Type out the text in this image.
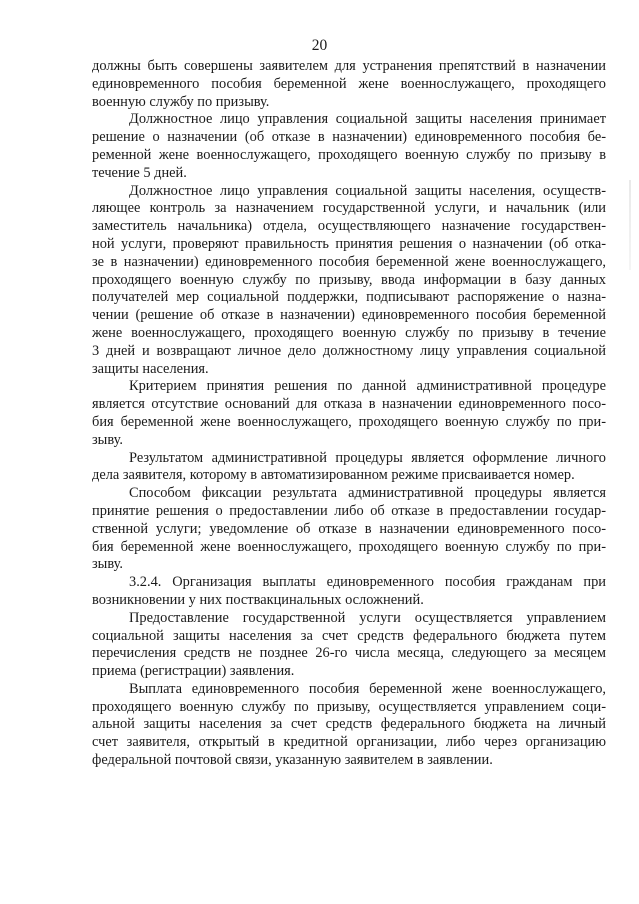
20

должны быть совершены заявителем для устранения препятствий в назначении
единовременного пособия беременной жене военнослужащего, проходящего
военную службу по призыву.

Должностное лицо управления социальной защиты населения принимает
решение о назначении (об отказе в назначении) единовременного пособия бе-
ременной жене военнослужащего, проходящего военную службу по призыву в
течение 5 дней.

Должностное лицо управления социальной защиты населения, осуществ-
ляющее контроль за назначением государственной услуги, и начальник (или
заместитель начальника) отдела, осуществляющего назначение государствен-
ной услуги, проверяют правильность принятия решения о назначении (об отка-
зе в назначении) единовременного пособия беременной жене военнослужащего,
проходящего военную службу по призыву, ввода информации в базу данных
получателей мер социальной поддержки, подписывают распоряжение о назна-
чении (решение об отказе в назначении) единовременного пособия беременной
жене военнослужащего, проходящего военную службу по призыву в течение
3 дней и возвращают личное дело должностному лицу управления социальной
защиты населения.

Критерием принятия решения по данной административной процедуре
является отсутствие оснований для отказа в назначении единовременного посо-
бия беременной жене военнослужащего, проходящего военную службу по при-
зыву.

Результатом административной процедуры является оформление личного
дела заявителя, которому в автоматизированном режиме присваивается номер.

Способом фиксации результата административной процедуры является
принятие решения о предоставлении либо об отказе в предоставлении государ-
ственной услуги; уведомление об отказе в назначении единовременного посо-
бия беременной жене военнослужащего, проходящего военную службу по при-
зыву.

3.2.4. Организация выплаты единовременного пособия гражданам при
возникновении у них поствакцинальных осложнений.

Предоставление государственной услуги осуществляется управлением
социальной защиты населения за счет средств федерального бюджета путем
перечисления средств не позднее 26-го числа месяца, следующего за месяцем
приема (регистрации) заявления.

Выплата единовременного пособия беременной жене военнослужащего,
проходящего военную службу по призыву, осуществляется управлением соци-
альной защиты населения за счет средств федерального бюджета на личный
счет заявителя, открытый в кредитной организации, либо через организацию
федеральной почтовой связи, указанную заявителем в заявлении.
